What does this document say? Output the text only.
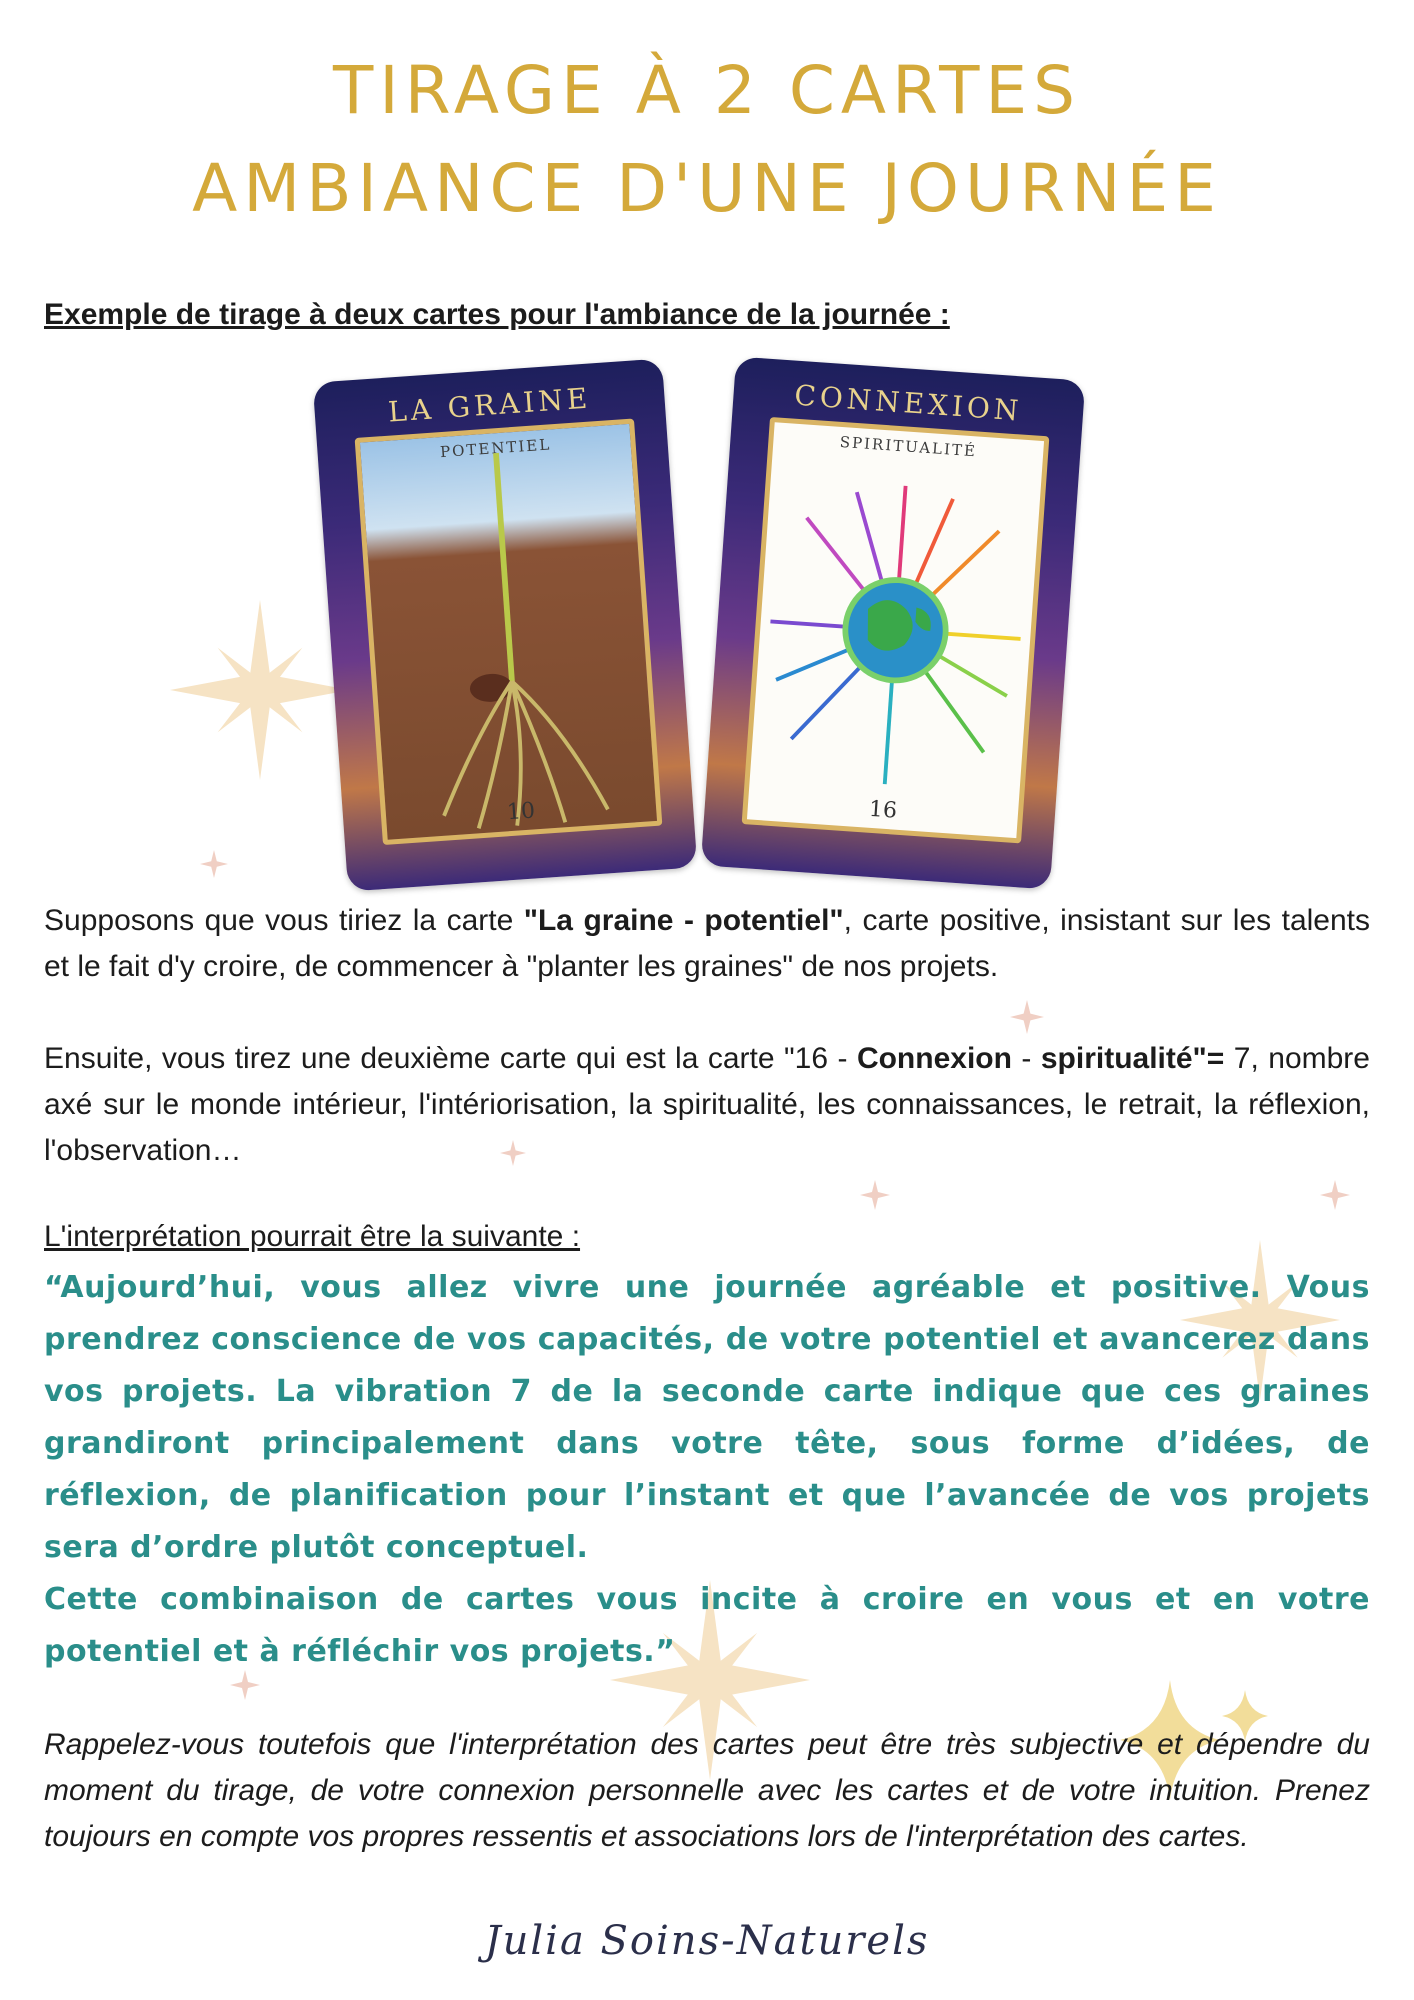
TIRAGE À 2 CARTES
AMBIANCE D'UNE JOURNÉE

Exemple de tirage à deux cartes pour l'ambiance de la journée :

LA GRAINE
POTENTIEL
10
CONNEXION
SPIRITUALITÉ
16

Supposons que vous tiriez la carte "La graine - potentiel", carte positive, insistant sur les talents et le fait d'y croire, de commencer à "planter les graines" de nos projets.

Ensuite, vous tirez une deuxième carte qui est la carte "16 - Connexion - spiritualité"= 7, nombre axé sur le monde intérieur, l'intériorisation, la spiritualité, les connaissances, le retrait, la réflexion, l'observation…

L'interprétation pourrait être la suivante :

“Aujourd’hui, vous allez vivre une journée agréable et positive. Vous prendrez conscience de vos capacités, de votre potentiel et avancerez dans vos projets. La vibration 7 de la seconde carte indique que ces graines grandiront principalement dans votre tête, sous forme d’idées, de réflexion, de planification pour l’instant et que l’avancée de vos projets sera d’ordre plutôt conceptuel.

Cette combinaison de cartes vous incite à croire en vous et en votre potentiel et à réfléchir vos projets.”

Rappelez-vous toutefois que l'interprétation des cartes peut être très subjective et dépendre du moment du tirage, de votre connexion personnelle avec les cartes et de votre intuition. Prenez toujours en compte vos propres ressentis et associations lors de l'interprétation des cartes.

Julia Soins-Naturels
